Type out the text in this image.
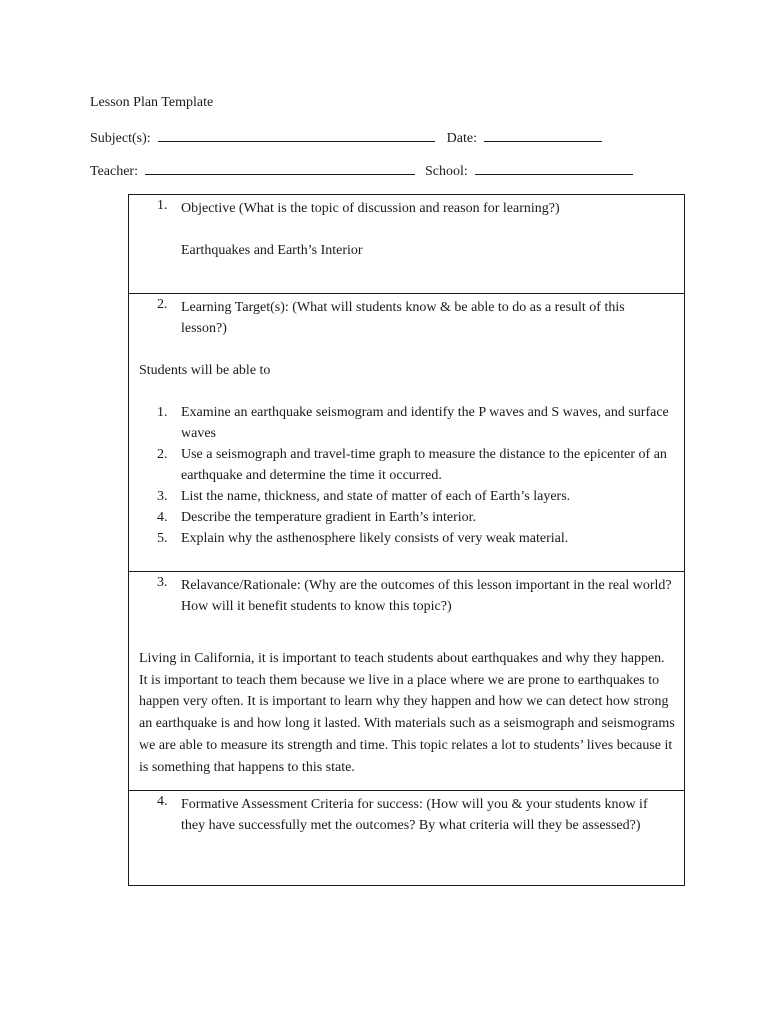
Lesson Plan Template
Subject(s):	Date:
Teacher:	School:
1. Objective (What is the topic of discussion and reason for learning?)
Earthquakes and Earth’s Interior
2. Learning Target(s): (What will students know & be able to do as a result of this lesson?)
Students will be able to
1. Examine an earthquake seismogram and identify the P waves and S waves, and surface waves
2. Use a seismograph and travel-time graph to measure the distance to the epicenter of an earthquake and determine the time it occurred.
3. List the name, thickness, and state of matter of each of Earth’s layers.
4. Describe the temperature gradient in Earth’s interior.
5. Explain why the asthenosphere likely consists of very weak material.
3. Relavance/Rationale: (Why are the outcomes of this lesson important in the real world? How will it benefit students to know this topic?)
Living in California, it is important to teach students about earthquakes and why they happen. It is important to teach them because we live in a place where we are prone to earthquakes to happen very often. It is important to learn why they happen and how we can detect how strong an earthquake is and how long it lasted. With materials such as a seismograph and seismograms we are able to measure its strength and time. This topic relates a lot to students’ lives because it is something that happens to this state.
4. Formative Assessment Criteria for success: (How will you & your students know if they have successfully met the outcomes? By what criteria will they be assessed?)
